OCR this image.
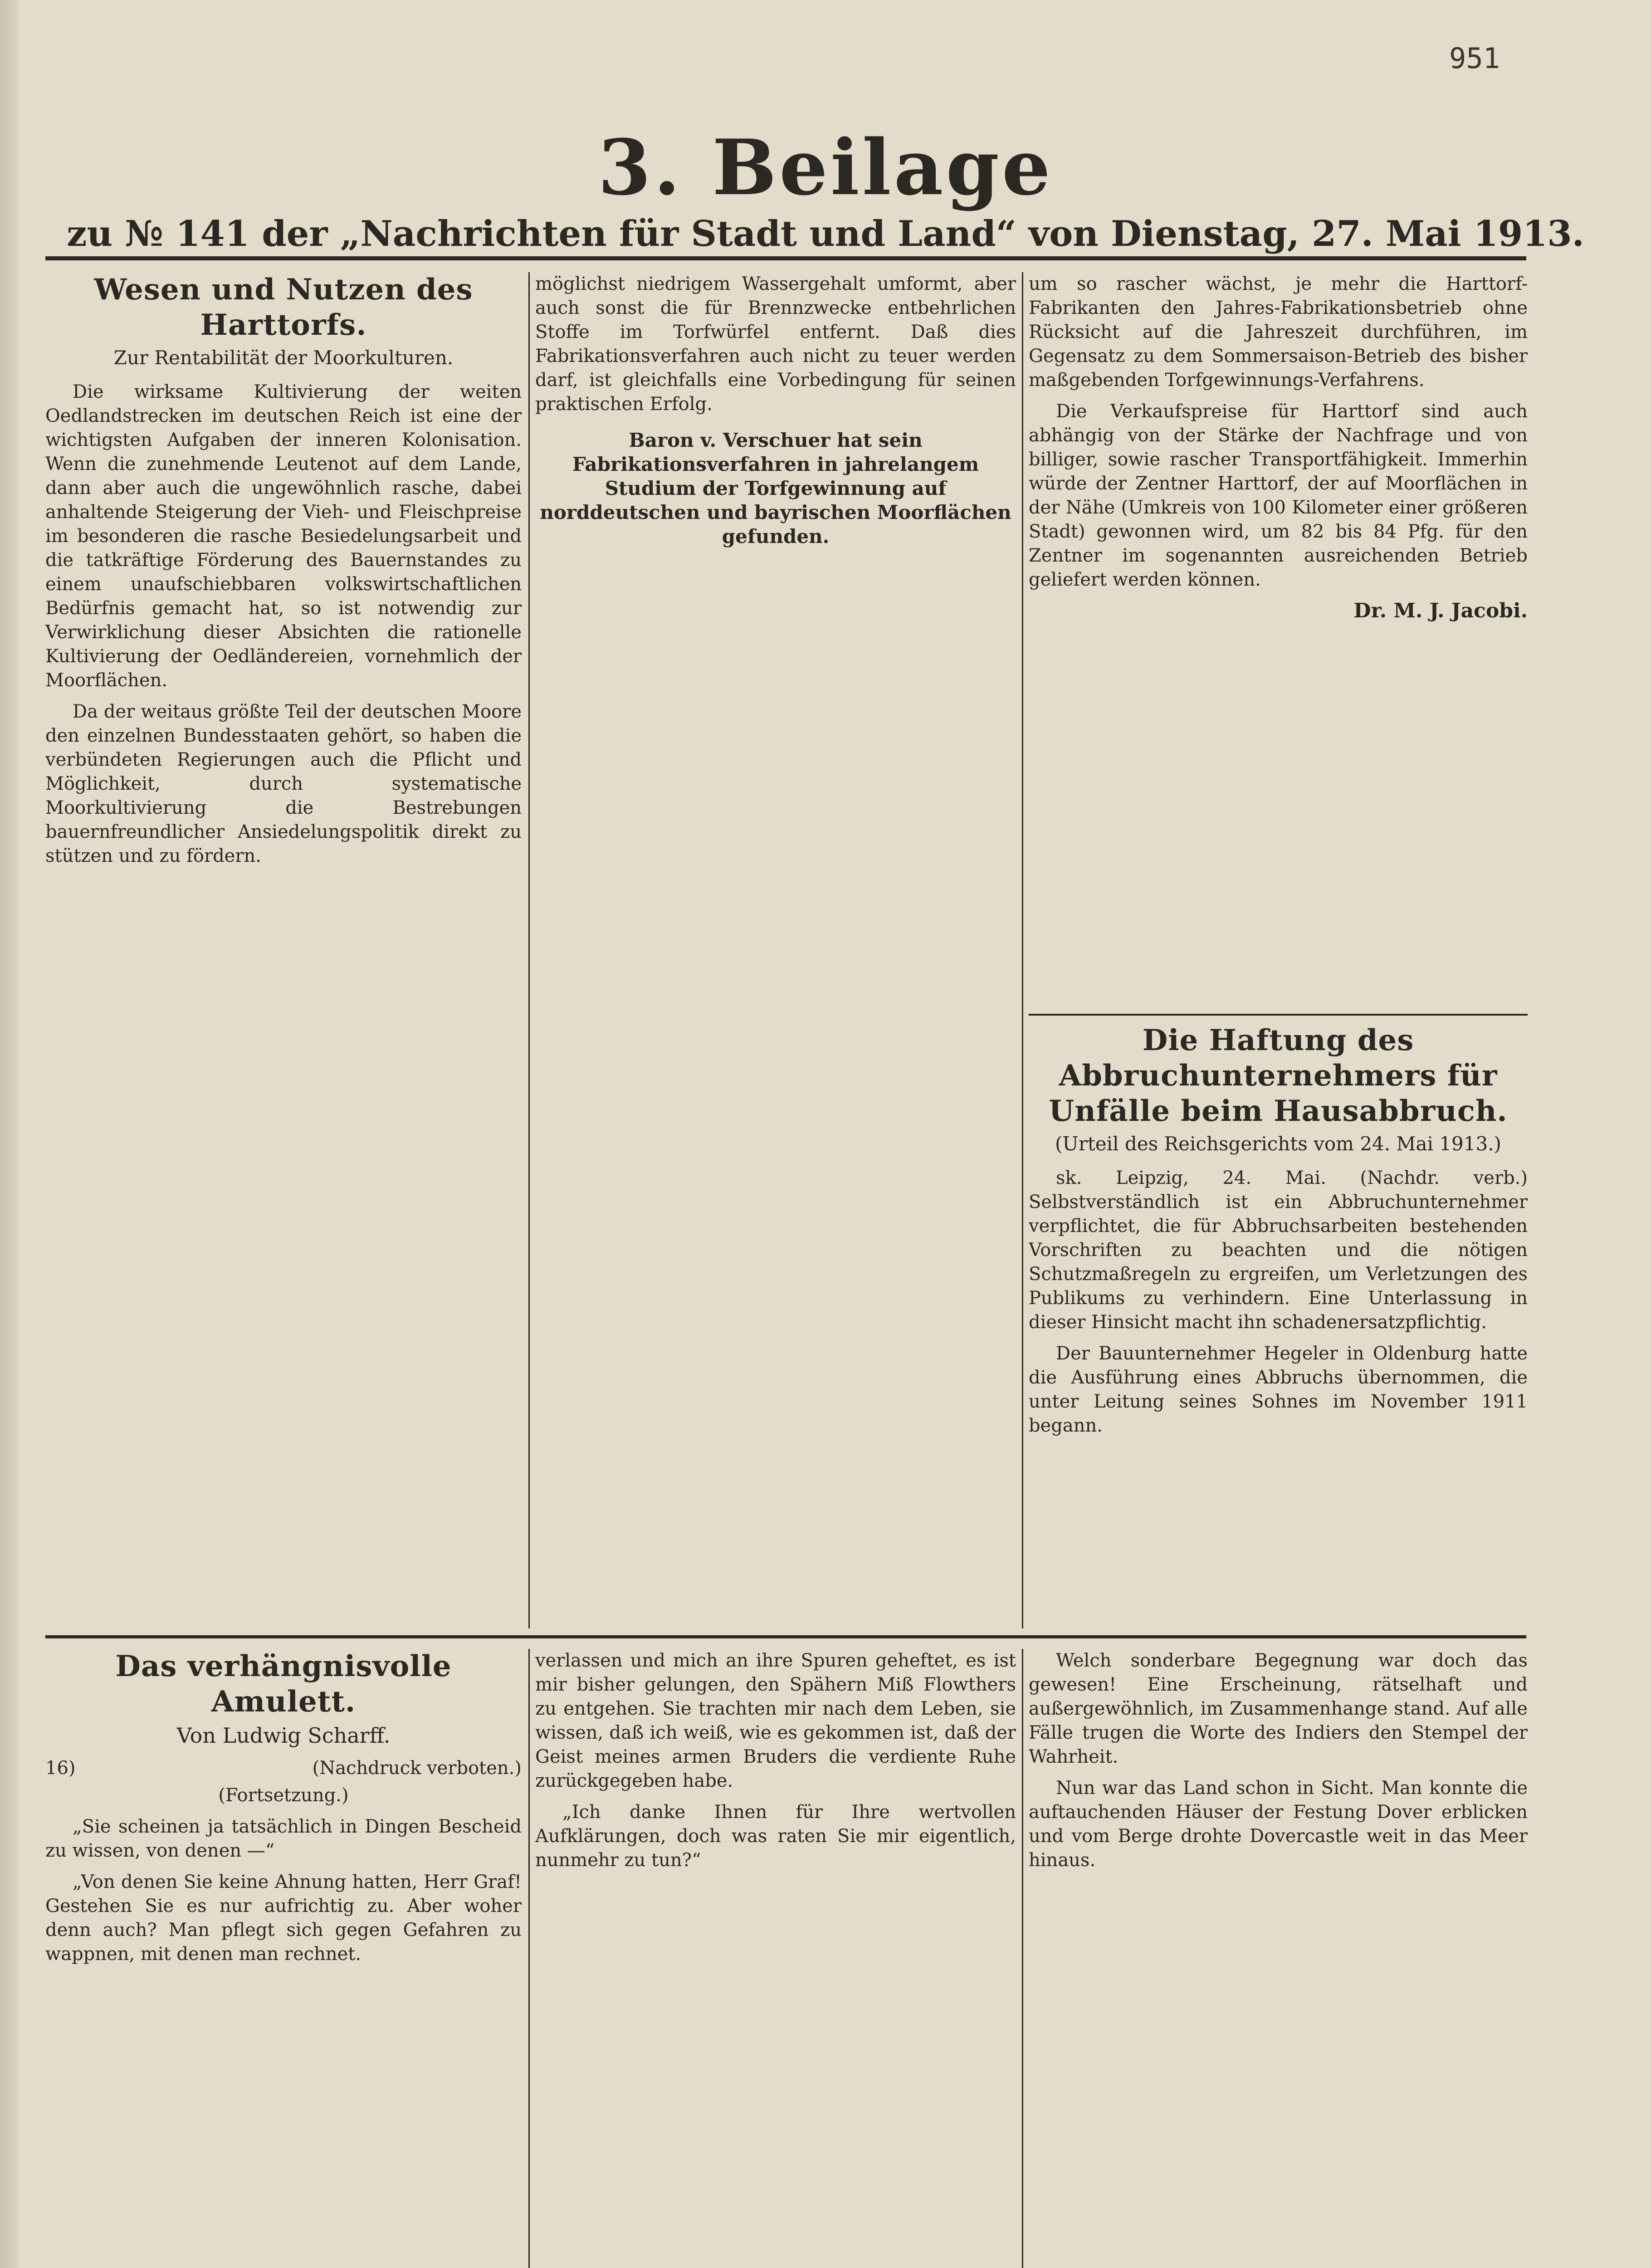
951
3. Beilage
zu № 141 der „Nachrichten für Stadt und Land“ von Dienstag, 27. Mai 1913.
Wesen und Nutzen des Harttorfs.
Zur Rentabilität der Moorkulturen.

Die wirksame Kultivierung der weiten Oedlandstrecken im deutschen Reich ist eine der wichtigsten Aufgaben der inneren Kolonisation. Wenn die zunehmende Leutenot auf dem Lande, dann aber auch die ungewöhnlich rasche, dabei anhaltende Steigerung der Vieh- und Fleischpreise im besonderen die rasche Besiedelungsarbeit und die tatkräftige Förderung des Bauernstandes zu einem unaufschiebbaren volkswirtschaftlichen Bedürfnis gemacht hat, so ist notwendig zur Verwirklichung dieser Absichten die rationelle Kultivierung der Oedländereien, vornehmlich der Moorflächen.

Da der weitaus größte Teil der deutschen Moore den einzelnen Bundesstaaten gehört, so haben die verbündeten Regierungen auch die Pflicht und Möglichkeit, durch systematische Moorkultivierung die Bestrebungen bauernfreundlicher Ansiedelungspolitik direkt zu stützen und zu fördern.

möglichst niedrigem Wassergehalt umformt, aber auch sonst die für Brennzwecke entbehrlichen Stoffe im Torfwürfel entfernt. Daß dies Fabrikationsverfahren auch nicht zu teuer werden darf, ist gleichfalls eine Vorbedingung für seinen praktischen Erfolg.

Baron v. Verschuer hat sein Fabrikationsverfahren in jahrelangem Studium der Torfgewinnung auf norddeutschen und bayrischen Moorflächen gefunden.

um so rascher wächst, je mehr die Harttorf-Fabrikanten den Jahres-Fabrikationsbetrieb ohne Rücksicht auf die Jahreszeit durchführen, im Gegensatz zu dem Sommersaison-Betrieb des bisher maßgebenden Torfgewinnungs-Verfahrens.

Die Verkaufspreise für Harttorf sind auch abhängig von der Stärke der Nachfrage und von billiger, sowie rascher Transportfähigkeit. Immerhin würde der Zentner Harttorf, der auf Moorflächen in der Nähe (Umkreis von 100 Kilometer einer größeren Stadt) gewonnen wird, um 82 bis 84 Pfg. für den Zentner im sogenannten ausreichenden Betrieb geliefert werden können.

Dr. M. J. Jacobi.
Die Haftung des Abbruchunternehmers für Unfälle beim Hausabbruch.
(Urteil des Reichsgerichts vom 24. Mai 1913.)

sk. Leipzig, 24. Mai. (Nachdr. verb.) Selbstverständlich ist ein Abbruchunternehmer verpflichtet, die für Abbruchsarbeiten bestehenden Vorschriften zu beachten und die nötigen Schutzmaßregeln zu ergreifen, um Verletzungen des Publikums zu verhindern. Eine Unterlassung in dieser Hinsicht macht ihn schadenersatzpflichtig.

Der Bauunternehmer Hegeler in Oldenburg hatte die Ausführung eines Abbruchs übernommen, die unter Leitung seines Sohnes im November 1911 begann.

Das verhängnisvolle Amulett.
Von Ludwig Scharff.
16)	(Nachdruck verboten.)
(Fortsetzung.)

„Sie scheinen ja tatsächlich in Dingen Bescheid zu wissen, von denen —“

„Von denen Sie keine Ahnung hatten, Herr Graf! Gestehen Sie es nur aufrichtig zu. Aber woher denn auch? Man pflegt sich gegen Gefahren zu wappnen, mit denen man rechnet.

verlassen und mich an ihre Spuren geheftet, es ist mir bisher gelungen, den Spähern Miß Flowthers zu entgehen. Sie trachten mir nach dem Leben, sie wissen, daß ich weiß, wie es gekommen ist, daß der Geist meines armen Bruders die verdiente Ruhe zurückgegeben habe.

„Ich danke Ihnen für Ihre wertvollen Aufklärungen, doch was raten Sie mir eigentlich, nunmehr zu tun?“

Welch sonderbare Begegnung war doch das gewesen! Eine Erscheinung, rätselhaft und außergewöhnlich, im Zusammenhange stand. Auf alle Fälle trugen die Worte des Indiers den Stempel der Wahrheit.

Nun war das Land schon in Sicht. Man konnte die auftauchenden Häuser der Festung Dover erblicken und vom Berge drohte Dovercastle weit in das Meer hinaus.
